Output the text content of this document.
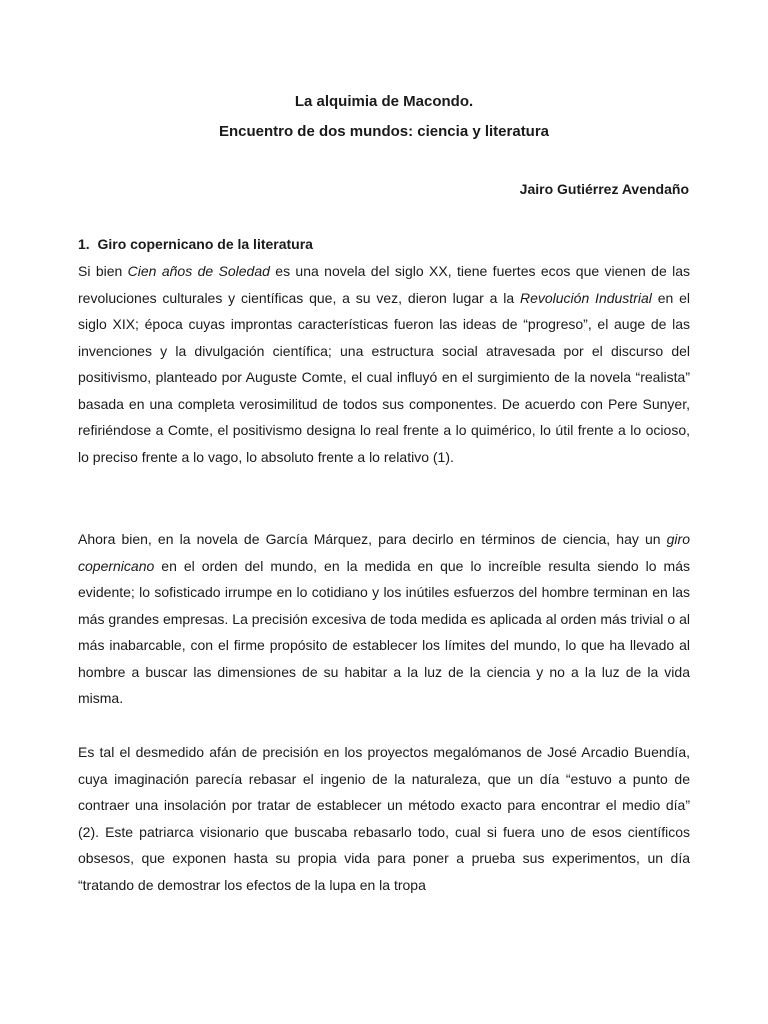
La alquimia de Macondo.

Encuentro de dos mundos: ciencia y literatura

Jairo Gutiérrez Avendaño

1. Giro copernicano de la literatura

Si bien Cien años de Soledad es una novela del siglo XX, tiene fuertes ecos que vienen de las revoluciones culturales y científicas que, a su vez, dieron lugar a la Revolución Industrial en el siglo XIX; época cuyas improntas características fueron las ideas de “progreso”, el auge de las invenciones y la divulgación científica; una estructura social atravesada por el discurso del positivismo, planteado por Auguste Comte, el cual influyó en el surgimiento de la novela “realista” basada en una completa verosimilitud de todos sus componentes. De acuerdo con Pere Sunyer, refiriéndose a Comte, el positivismo designa lo real frente a lo quimérico, lo útil frente a lo ocioso, lo preciso frente a lo vago, lo absoluto frente a lo relativo (1).

Ahora bien, en la novela de García Márquez, para decirlo en términos de ciencia, hay un giro copernicano en el orden del mundo, en la medida en que lo increíble resulta siendo lo más evidente; lo sofisticado irrumpe en lo cotidiano y los inútiles esfuerzos del hombre terminan en las más grandes empresas. La precisión excesiva de toda medida es aplicada al orden más trivial o al más inabarcable, con el firme propósito de establecer los límites del mundo, lo que ha llevado al hombre a buscar las dimensiones de su habitar a la luz de la ciencia y no a la luz de la vida misma.

Es tal el desmedido afán de precisión en los proyectos megalómanos de José Arcadio Buendía, cuya imaginación parecía rebasar el ingenio de la naturaleza, que un día “estuvo a punto de contraer una insolación por tratar de establecer un método exacto para encontrar el medio día” (2). Este patriarca visionario que buscaba rebasarlo todo, cual si fuera uno de esos científicos obsesos, que exponen hasta su propia vida para poner a prueba sus experimentos, un día “tratando de demostrar los efectos de la lupa en la tropa
